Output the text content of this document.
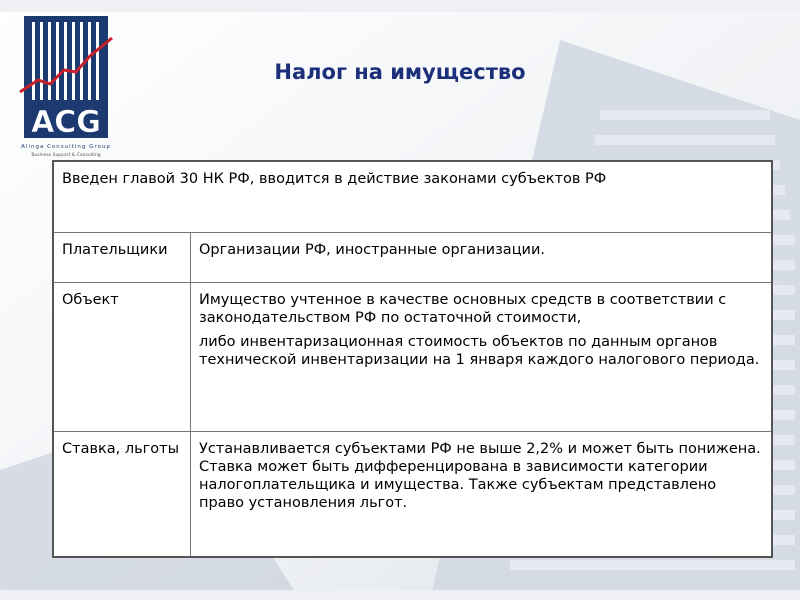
ACG
Alinga Consulting Group
Business Support & Consulting
Налог на имущество
Введен главой 30 НК РФ, вводится в действие законами субъектов РФ	
Плательщики	Организации РФ, иностранные организации.

Объект	Имущество учтенное в качестве основных средств в соответствии с законодательством РФ по остаточной стоимости,

либо инвентаризационная стоимость объектов по данным органов технической инвентаризации на 1 января каждого налогового периода.

Ставка, льготы	Устанавливается субъектами РФ не выше 2,2% и может быть понижена. Ставка может быть дифференцирована в зависимости категории налогоплательщика и имущества. Также субъектам представлено право установления льгот.
